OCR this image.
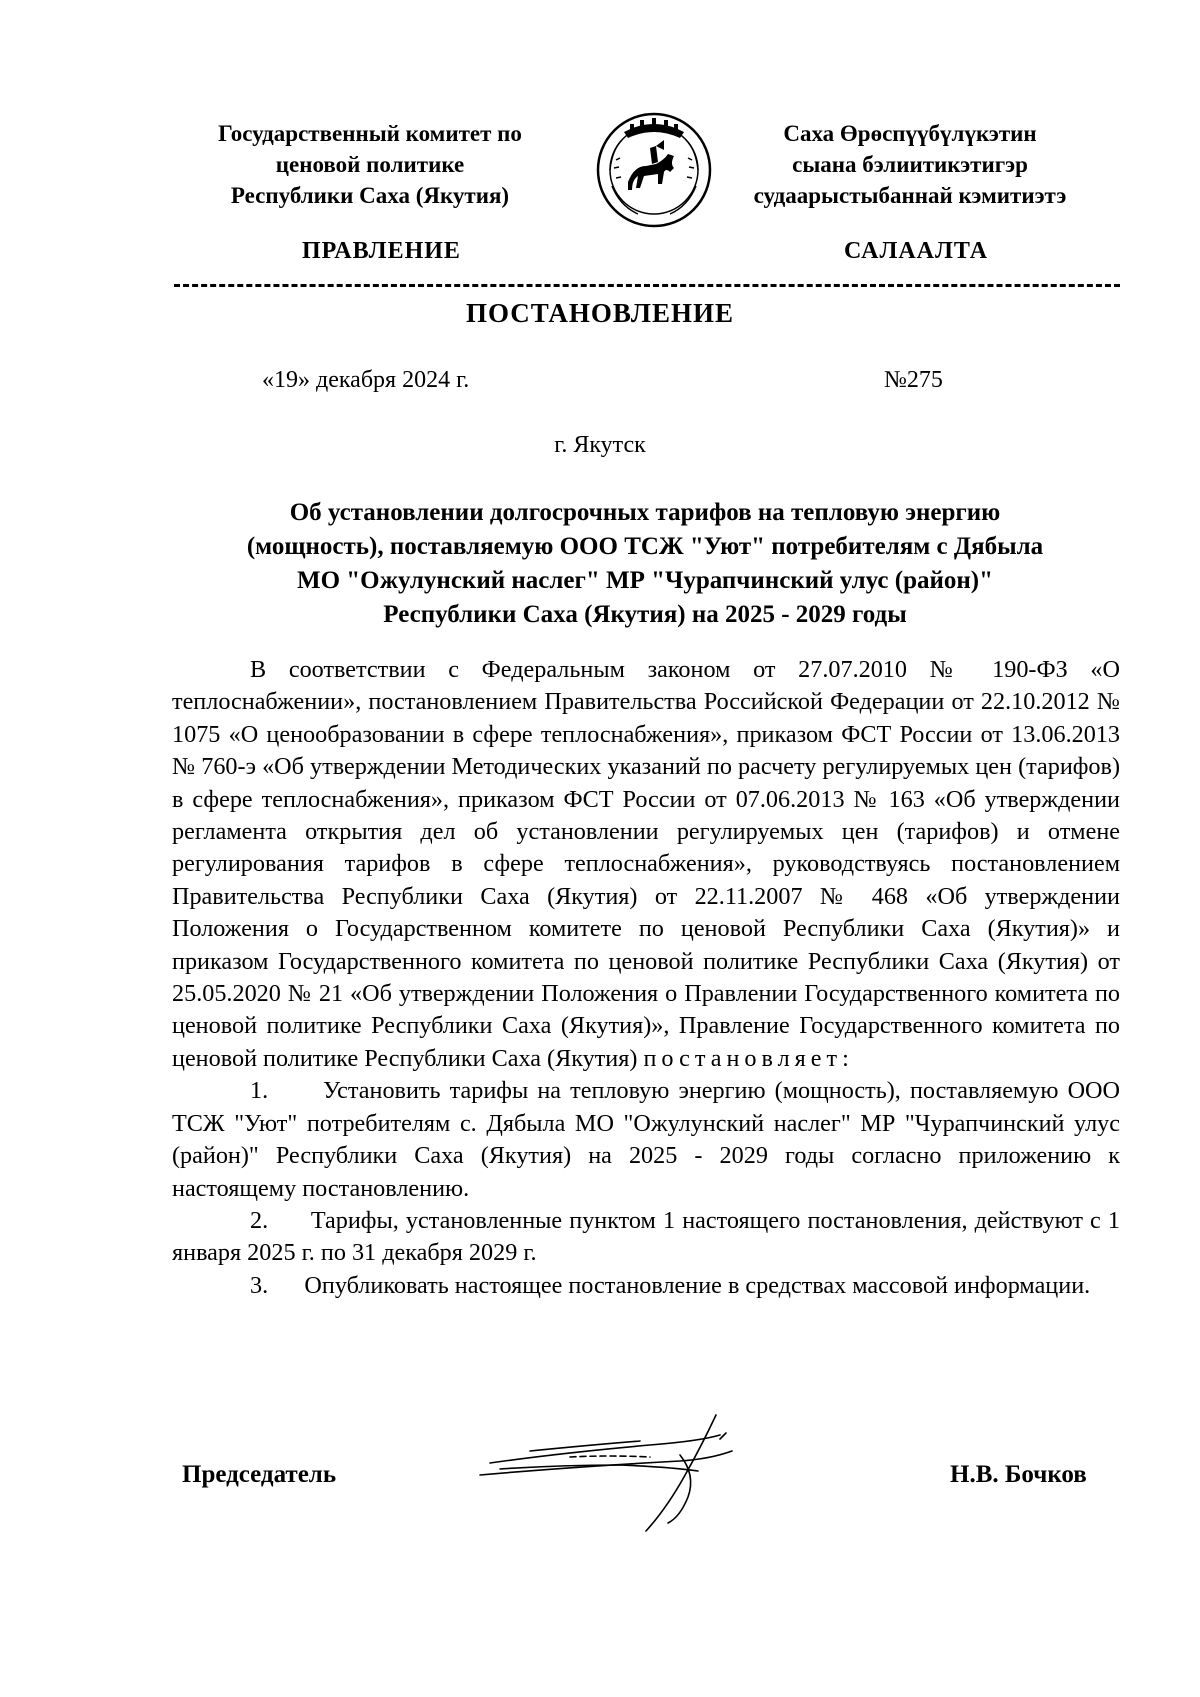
Государственный комитет по
ценовой политике
Республики Саха (Якутия)
Саха Өрөспүүбүлүкэтин
сыана бэлиитикэтигэр
судаарыстыбаннай кэмитиэтэ
ПРАВЛЕНИЕ	САЛААЛТА
ПОСТАНОВЛЕНИЕ
«19» декабря 2024 г.	№275
г. Якутск
Об установлении долгосрочных тарифов на тепловую энергию
(мощность), поставляемую ООО ТСЖ "Уют" потребителям с Дябыла
МО "Ожулунский наслег" МР "Чурапчинский улус (район)"
Республики Саха (Якутия) на 2025 - 2029 годы

В соответствии с Федеральным законом от 27.07.2010 № 190-ФЗ «О теплоснабжении», постановлением Правительства Российской Федерации от 22.10.2012 № 1075 «О ценообразовании в сфере теплоснабжения», приказом ФСТ России от 13.06.2013 № 760-э «Об утверждении Методических указаний по расчету регулируемых цен (тарифов) в сфере теплоснабжения», приказом ФСТ России от 07.06.2013 № 163 «Об утверждении регламента открытия дел об установлении регулируемых цен (тарифов) и отмене регулирования тарифов в сфере теплоснабжения», руководствуясь постановлением Правительства Республики Саха (Якутия) от 22.11.2007 № 468 «Об утверждении Положения о Государственном комитете по ценовой Республики Саха (Якутия)» и приказом Государственного комитета по ценовой политике Республики Саха (Якутия) от 25.05.2020 № 21 «Об утверждении Положения о Правлении Государственного комитета по ценовой политике Республики Саха (Якутия)», Правление Государственного комитета по ценовой политике Республики Саха (Якутия) постановляет:

1. Установить тарифы на тепловую энергию (мощность), поставляемую ООО ТСЖ "Уют" потребителям с. Дябыла МО "Ожулунский наслег" МР "Чурапчинский улус (район)" Республики Саха (Якутия) на 2025 - 2029 годы согласно приложению к настоящему постановлению.

2. Тарифы, установленные пунктом 1 настоящего постановления, действуют с 1 января 2025 г. по 31 декабря 2029 г.

3. Опубликовать настоящее постановление в средствах массовой информации.

Председатель	Н.В. Бочков
